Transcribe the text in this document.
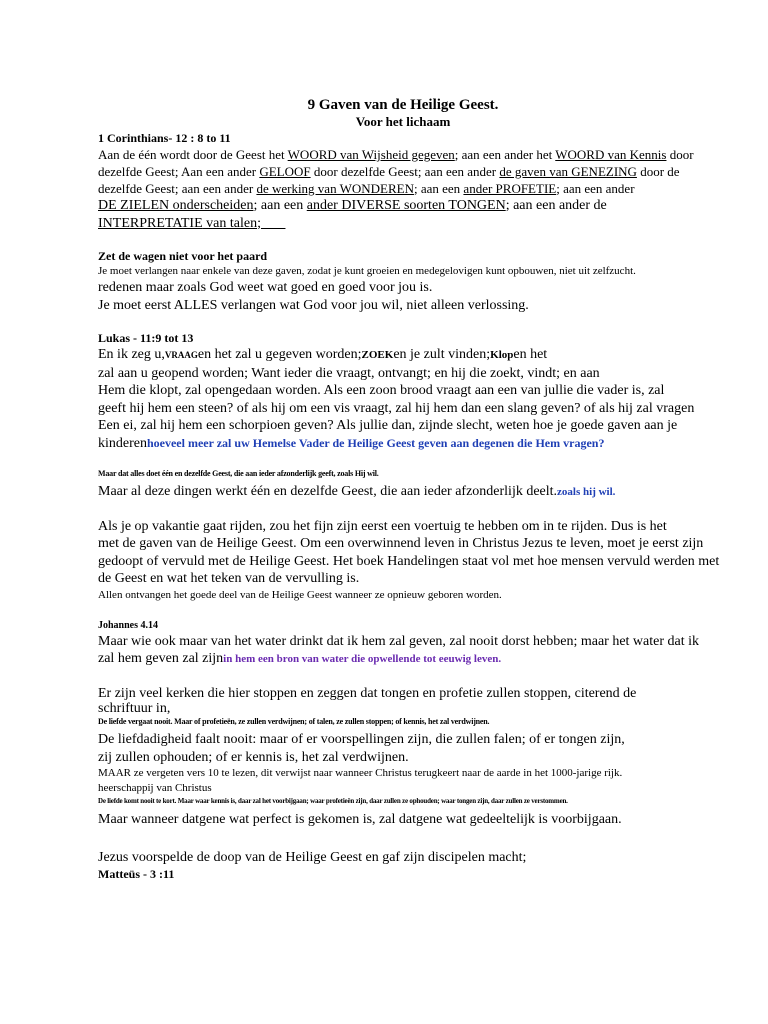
9 Gaven van de Heilige Geest.
Voor het lichaam
1 Corinthians- 12 : 8 to 11
Aan de één wordt door de Geest het WOORD van Wijsheid gegeven; aan een ander het WOORD van Kennis door
dezelfde Geest; Aan een ander GELOOF door dezelfde Geest; aan een ander de gaven van GENEZING door de
dezelfde Geest; aan een ander de werking van WONDEREN; aan een ander PROFETIE; aan een ander
DE ZIELEN onderscheiden; aan een ander DIVERSE soorten TONGEN; aan een ander de
INTERPRETATIE van talen;
Zet de wagen niet voor het paard
Je moet verlangen naar enkele van deze gaven, zodat je kunt groeien en medegelovigen kunt opbouwen, niet uit zelfzucht.
redenen maar zoals God weet wat goed en goed voor jou is.
Je moet eerst ALLES verlangen wat God voor jou wil, niet alleen verlossing.
Lukas - 11:9 tot 13
En ik zeg u,VRAAGen het zal u gegeven worden;ZOEKen je zult vinden;Klopen het
zal aan u geopend worden; Want ieder die vraagt, ontvangt; en hij die zoekt, vindt; en aan
Hem die klopt, zal opengedaan worden. Als een zoon brood vraagt aan een van jullie die vader is, zal
geeft hij hem een steen? of als hij om een vis vraagt, zal hij hem dan een slang geven? of als hij zal vragen
Een ei, zal hij hem een schorpioen geven? Als jullie dan, zijnde slecht, weten hoe je goede gaven aan je
kinderenhoeveel meer zal uw Hemelse Vader de Heilige Geest geven aan degenen die Hem vragen?
Maar dat alles doet één en dezelfde Geest, die aan ieder afzonderlijk geeft, zoals Hij wil.
Maar al deze dingen werkt één en dezelfde Geest, die aan ieder afzonderlijk deelt.zoals hij wil.
Als je op vakantie gaat rijden, zou het fijn zijn eerst een voertuig te hebben om in te rijden. Dus is het
met de gaven van de Heilige Geest. Om een overwinnend leven in Christus Jezus te leven, moet je eerst zijn
gedoopt of vervuld met de Heilige Geest. Het boek Handelingen staat vol met hoe mensen vervuld werden met
de Geest en wat het teken van de vervulling is.
Allen ontvangen het goede deel van de Heilige Geest wanneer ze opnieuw geboren worden.
Johannes 4.14
Maar wie ook maar van het water drinkt dat ik hem zal geven, zal nooit dorst hebben; maar het water dat ik
zal hem geven zal zijnin hem een bron van water die opwellende tot eeuwig leven.
Er zijn veel kerken die hier stoppen en zeggen dat tongen en profetie zullen stoppen, citerend de
schriftuur in,
De liefde vergaat nooit. Maar of profetieën, ze zullen verdwijnen; of talen, ze zullen stoppen; of kennis, het zal verdwijnen.
De liefdadigheid faalt nooit: maar of er voorspellingen zijn, die zullen falen; of er tongen zijn,
zij zullen ophouden; of er kennis is, het zal verdwijnen.
MAAR ze vergeten vers 10 te lezen, dit verwijst naar wanneer Christus terugkeert naar de aarde in het 1000-jarige rijk.
heerschappij van Christus
De liefde komt nooit te kort. Maar waar kennis is, daar zal het voorbijgaan; waar profetieën zijn, daar zullen ze ophouden; waar tongen zijn, daar zullen ze verstommen.
Maar wanneer datgene wat perfect is gekomen is, zal datgene wat gedeeltelijk is voorbijgaan.
Jezus voorspelde de doop van de Heilige Geest en gaf zijn discipelen macht;
Matteüs - 3 :11
